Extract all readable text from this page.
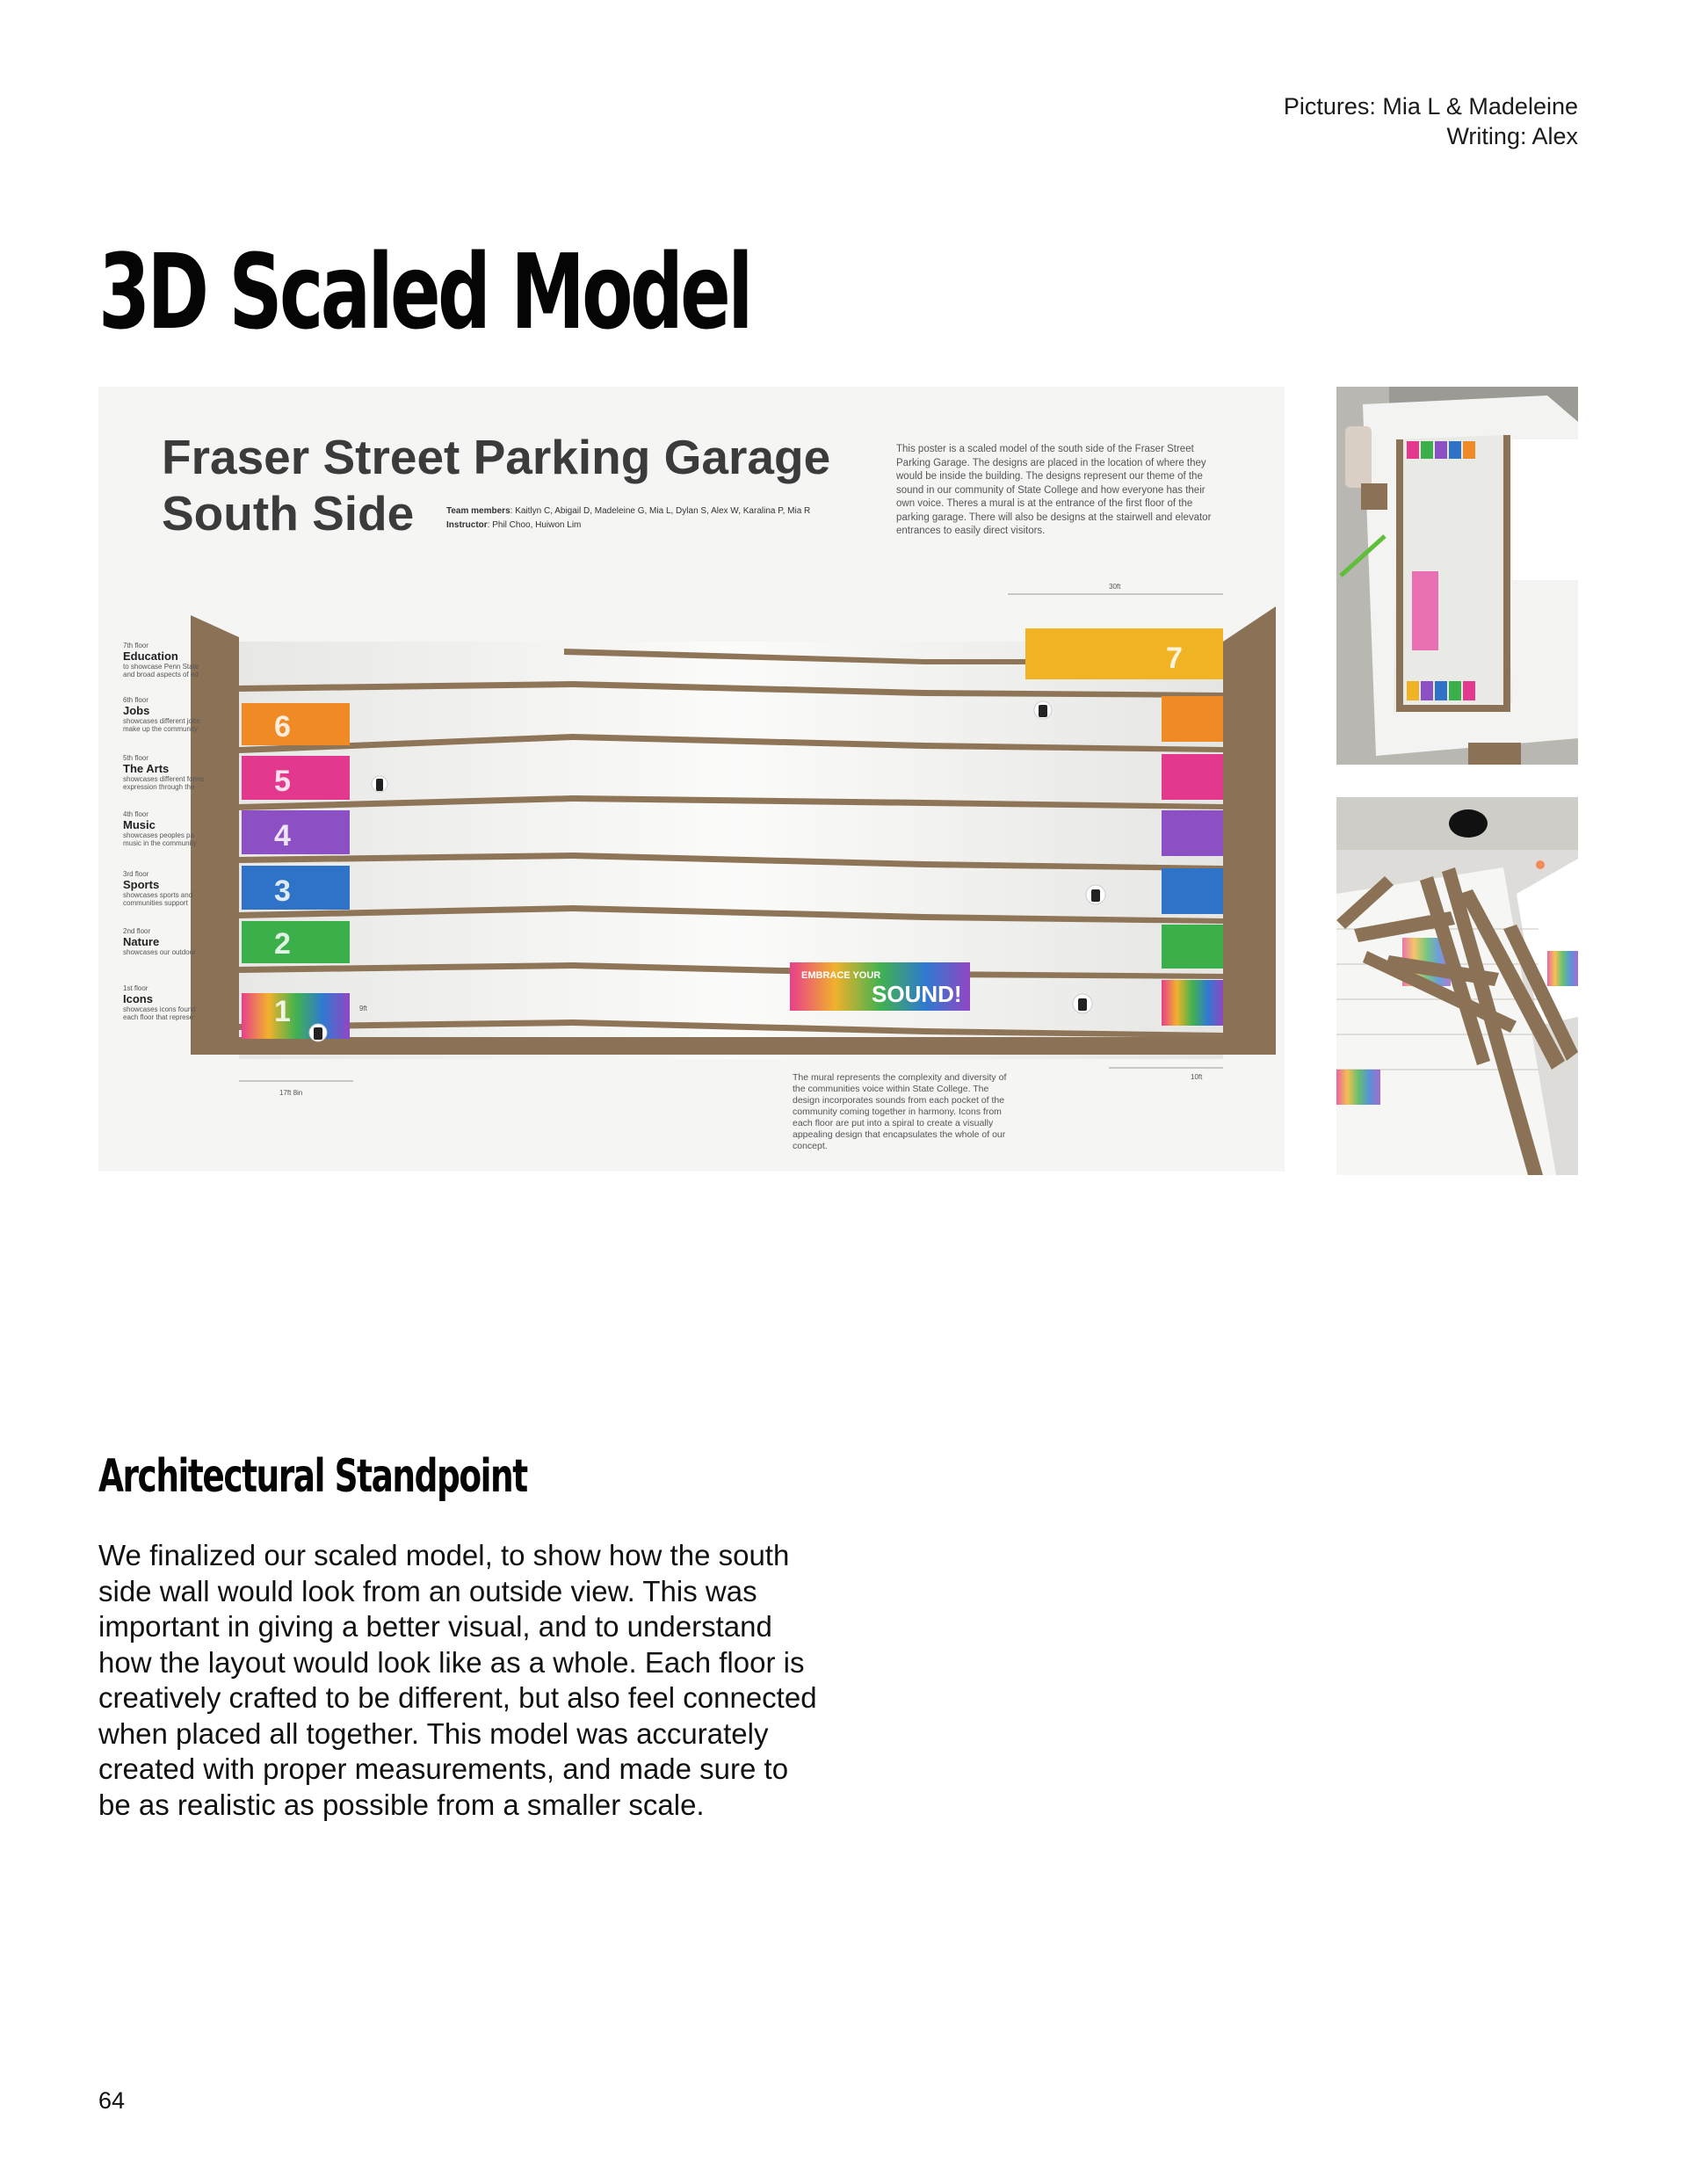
Pictures: Mia L & Madeleine
Writing: Alex
3D Scaled Model
6
5
4
3
2
1
7
EMBRACE YOUR
SOUND!
30ft
17ft 8in
10ft
9ft
Fraser Street Parking Garage
South Side	Team members: Kaitlyn C, Abigail D, Madeleine G, Mia L, Dylan S, Alex W, Karalina P, Mia R
Instructor: Phil Choo, Huiwon Lim
This poster is a scaled model of the south side of the Fraser Street Parking Garage. The designs are placed in the location of where they would be inside the building. The designs represent our theme of the sound in our community of State College and how everyone has their own voice. Theres a mural is at the entrance of the first floor of the parking garage. There will also be designs at the stairwell and elevator entrances to easily direct visitors.
The mural represents the complexity and diversity of the communities voice within State College. The design incorporates sounds from each pocket of the community coming together in harmony. Icons from each floor are put into a spiral to create a visually appealing design that encapsulates the whole of our concept.
7th floor
Education
to showcase Penn State and broad aspects of ed
6th floor
Jobs
showcases different jobs make up the community
5th floor
The Arts
showcases different forms expression through the
4th floor
Music
showcases peoples pa music in the community
3rd floor
Sports
showcases sports and communities support
2nd floor
Nature
showcases our outdoor
1st floor
Icons
showcases icons found each floor that represe
Architectural Standpoint

We finalized our scaled model, to show how the south side wall would look from an outside view. This was important in giving a better visual, and to understand how the layout would look like as a whole. Each floor is creatively crafted to be different, but also feel connected when placed all together. This model was accurately created with proper measurements, and made sure to be as realistic as possible from a smaller scale.

64
